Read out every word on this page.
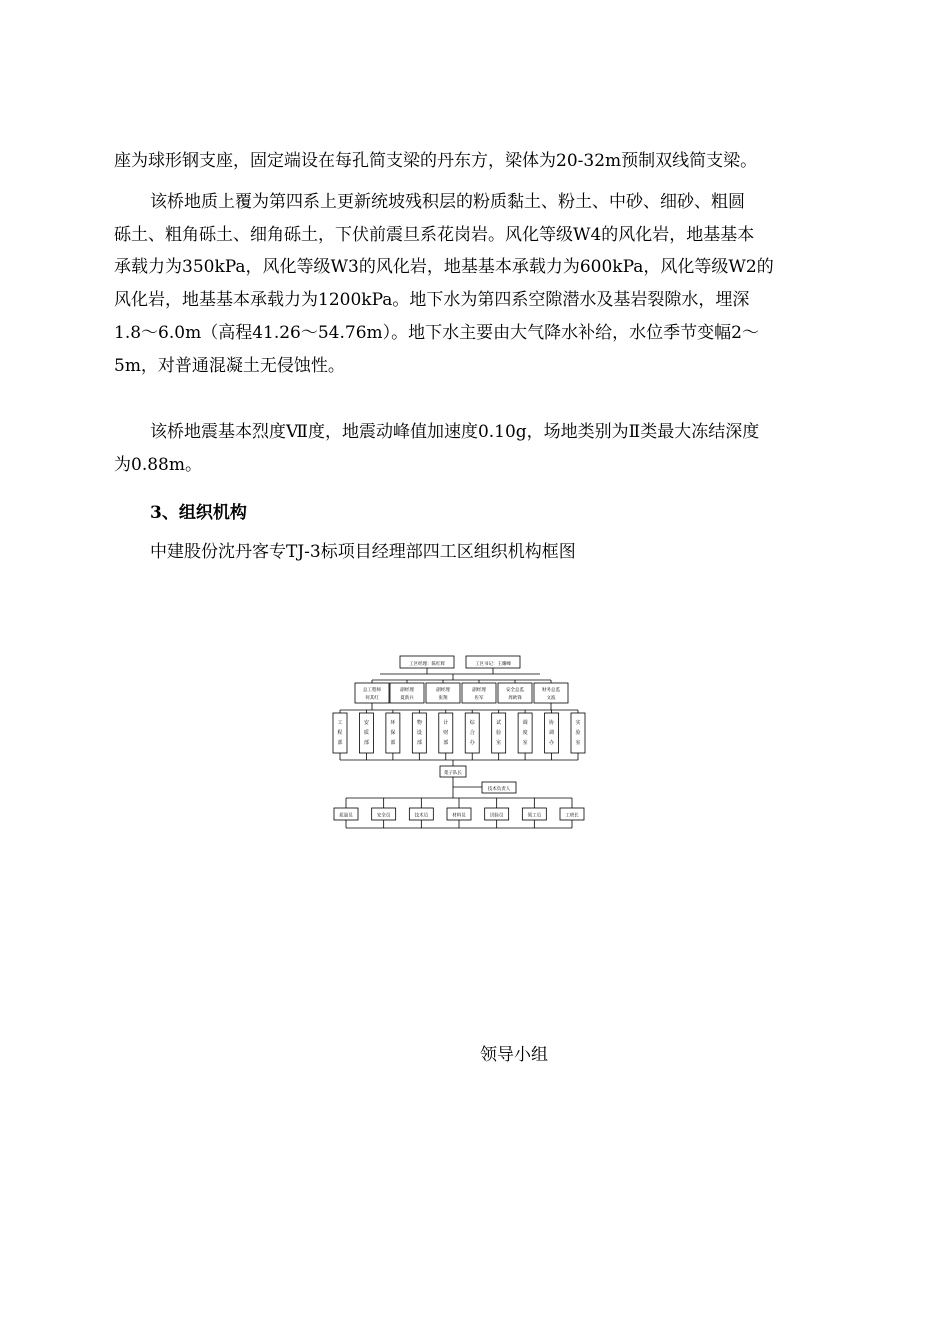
座为球形钢支座，固定端设在每孔简支梁的丹东方，梁体为20-32m预制双线简支梁。
该桥地质上覆为第四系上更新统坡残积层的粉质黏土、粉土、中砂、细砂、粗圆
砾土、粗角砾土、细角砾土，下伏前震旦系花岗岩。风化等级W4的风化岩，地基基本
承载力为350kPa，风化等级W3的风化岩，地基基本承载力为600kPa，风化等级W2的
风化岩，地基基本承载力为1200kPa。地下水为第四系空隙潜水及基岩裂隙水，埋深
1.8～6.0m（高程41.26～54.76m）。地下水主要由大气降水补给，水位季节变幅2～
5m，对普通混凝土无侵蚀性。
该桥地震基本烈度Ⅶ度，地震动峰值加速度0.10g，场地类别为Ⅱ类最大冻结深度
为0.88m。

3、组织机构

中建股份沈丹客专TJ-3标项目经理部四工区组织机构框图

工区经理：陈红辉	工区书记：王耀峰
总工程师
何其红
副经理
夏新兵
副经理
张翔
副经理
佐军
安全总监
周欧锋
财务总监
文波
工
程
部
安
质
部
环
保
部
物
设
部
计
财
部
综
合
办
试
验
室
调
度
室
协
调
办
实
验
室
架子队长
技术负责人
质量员	安全员	技术员	材料员	试验员	领工员	工班长

领导小组
